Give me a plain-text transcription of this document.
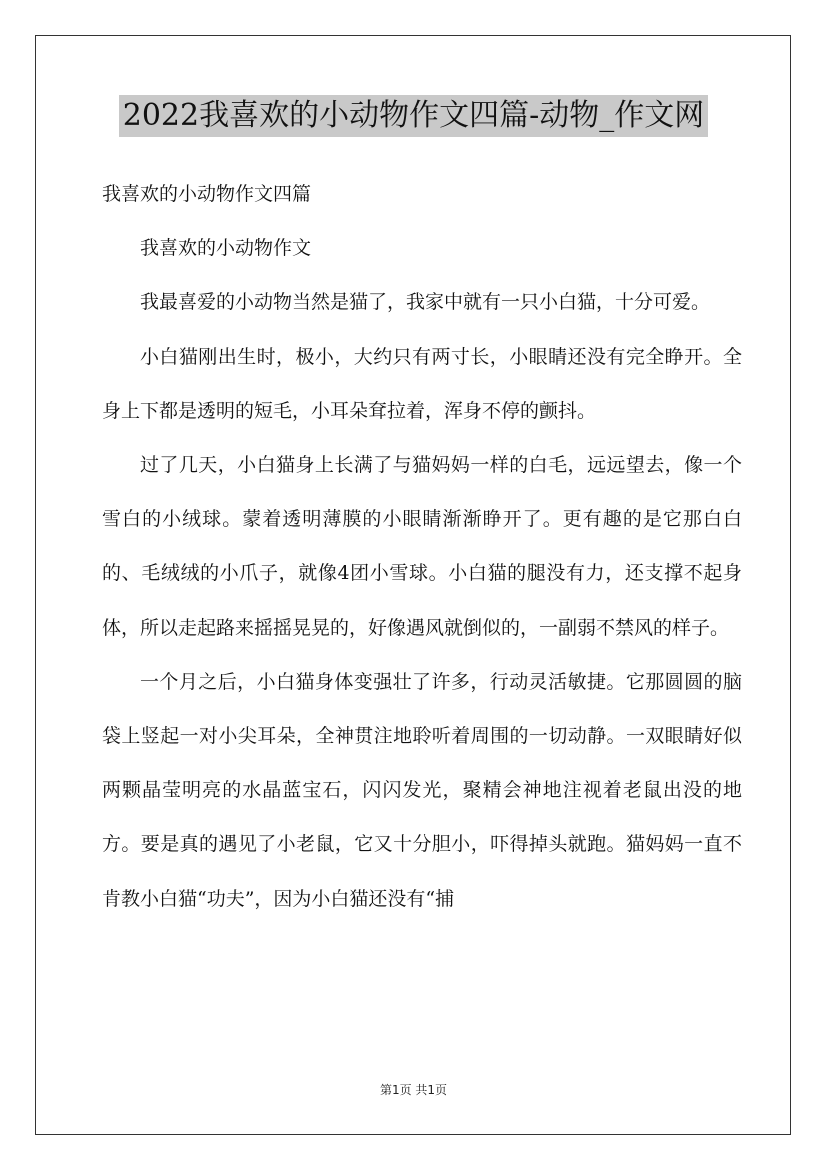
2022我喜欢的小动物作文四篇-动物_作文网

我喜欢的小动物作文四篇

我喜欢的小动物作文

我最喜爱的小动物当然是猫了，我家中就有一只小白猫，十分可爱。

小白猫刚出生时，极小，大约只有两寸长，小眼睛还没有完全睁开。全身上下都是透明的短毛，小耳朵耷拉着，浑身不停的颤抖。

过了几天，小白猫身上长满了与猫妈妈一样的白毛，远远望去，像一个雪白的小绒球。蒙着透明薄膜的小眼睛渐渐睁开了。更有趣的是它那白白的、毛绒绒的小爪子，就像4团小雪球。小白猫的腿没有力，还支撑不起身体，所以走起路来摇摇晃晃的，好像遇风就倒似的，一副弱不禁风的样子。

一个月之后，小白猫身体变强壮了许多，行动灵活敏捷。它那圆圆的脑袋上竖起一对小尖耳朵，全神贯注地聆听着周围的一切动静。一双眼睛好似两颗晶莹明亮的水晶蓝宝石，闪闪发光，聚精会神地注视着老鼠出没的地方。要是真的遇见了小老鼠，它又十分胆小，吓得掉头就跑。猫妈妈一直不肯教小白猫“功夫”，因为小白猫还没有“捕

第1页 共1页
